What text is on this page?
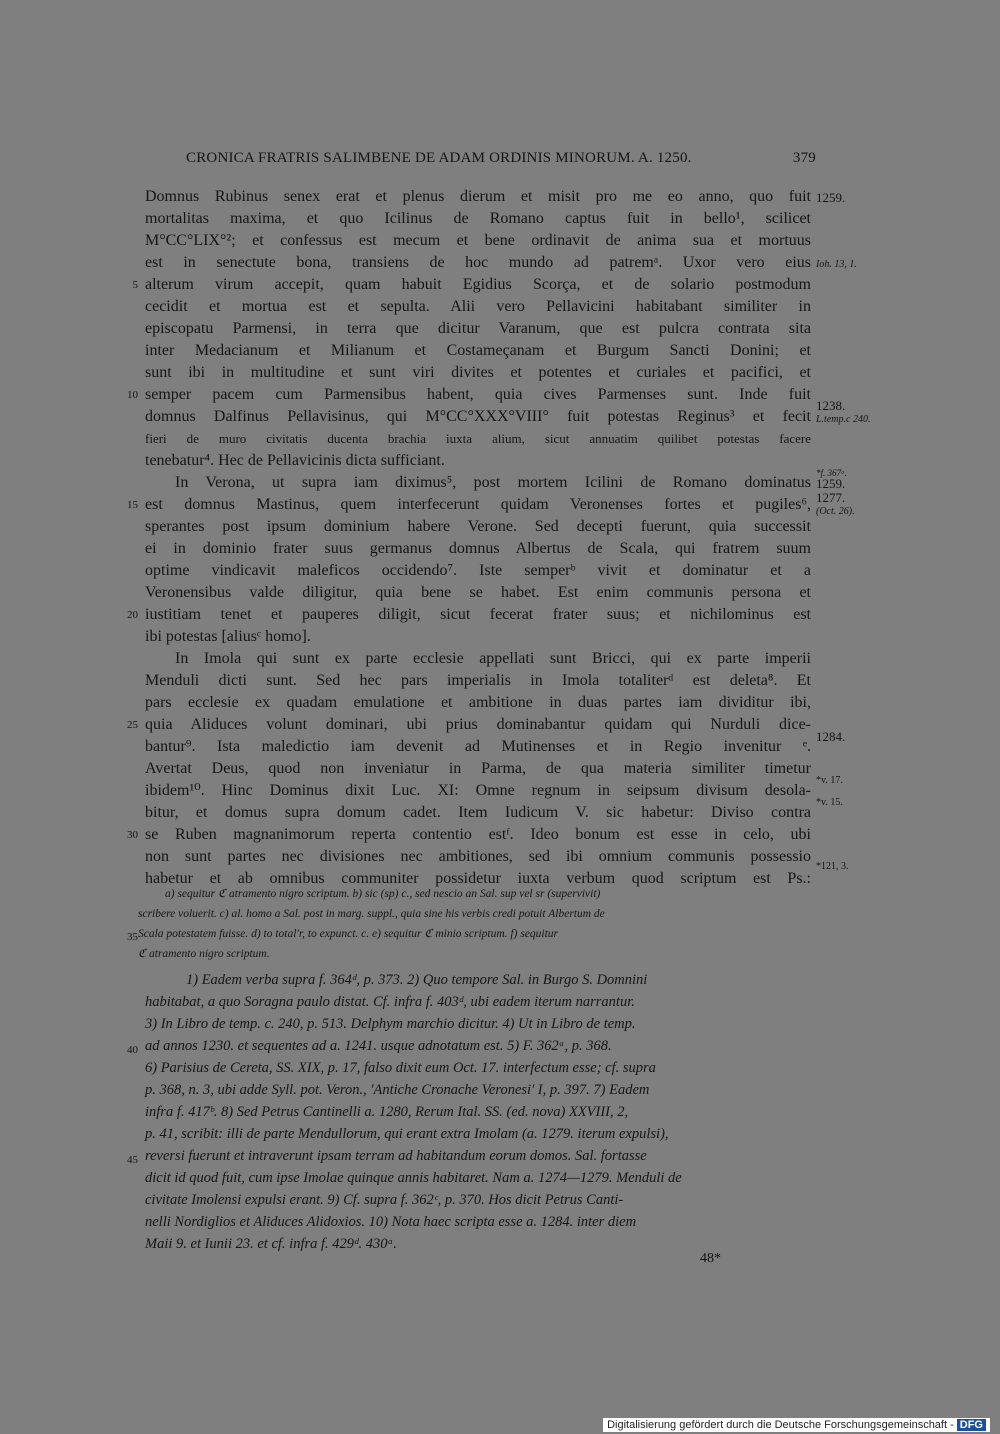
CRONICA FRATRIS SALIMBENE DE ADAM ORDINIS MINORUM. A. 1250.	379
Domnus Rubinus senex erat et plenus dierum et misit pro me eo anno, quo fuit
mortalitas maxima, et quo Icilinus de Romano captus fuit in bello¹, scilicet
M°CC°LIX°²; et confessus est mecum et bene ordinavit de anima sua et mortuus
est in senectute bona, transiens de hoc mundo ad patremᵃ. Uxor vero eius
alterum virum accepit, quam habuit Egidius Scorça, et de solario postmodum
cecidit et mortua est et sepulta. Alii vero Pellavicini habitabant similiter in
episcopatu Parmensi, in terra que dicitur Varanum, que est pulcra contrata sita
inter Medacianum et Milianum et Costameçanam et Burgum Sancti Donini; et
sunt ibi in multitudine et sunt viri divites et potentes et curiales et pacifici, et
semper pacem cum Parmensibus habent, quia cives Parmenses sunt. Inde fuit
domnus Dalfinus Pellavisinus, qui M°CC°XXX°VIII° fuit potestas Reginus³ et fecit
fieri de muro civitatis ducenta brachia iuxta alium, sicut annuatim quilibet potestas facere
tenebatur⁴. Hec de Pellavicinis dicta sufficiant.
In Verona, ut supra iam diximus⁵, post mortem Icilini de Romano dominatus
est domnus Mastinus, quem interfecerunt quidam Veronenses fortes et pugiles⁶,
sperantes post ipsum dominium habere Verone. Sed decepti fuerunt, quia successit
ei in dominio frater suus germanus domnus Albertus de Scala, qui fratrem suum
optime vindicavit maleficos occidendo⁷. Iste semperᵇ vivit et dominatur et a
Veronensibus valde diligitur, quia bene se habet. Est enim communis persona et
iustitiam tenet et pauperes diligit, sicut fecerat frater suus; et nichilominus est
ibi potestas [aliusᶜ homo].
In Imola qui sunt ex parte ecclesie appellati sunt Bricci, qui ex parte imperii
Menduli dicti sunt. Sed hec pars imperialis in Imola totaliterᵈ est deleta⁸. Et
pars ecclesie ex quadam emulatione et ambitione in duas partes iam dividitur ibi,
quia Aliduces volunt dominari, ubi prius dominabantur quidam qui Nurduli dice-
bantur⁹. Ista maledictio iam devenit ad Mutinenses et in Regio invenitur ᵉ.
Avertat Deus, quod non inveniatur in Parma, de qua materia similiter timetur
ibidem¹⁰. Hinc Dominus dixit Luc. XI: Omne regnum in seipsum divisum desola-
bitur, et domus supra domum cadet. Item Iudicum V. sic habetur: Diviso contra
se Ruben magnanimorum reperta contentio estᶠ. Ideo bonum est esse in celo, ubi
non sunt partes nec divisiones nec ambitiones, sed ibi omnium communis possessio
habetur et ab omnibus communiter possidetur iuxta verbum quod scriptum est Ps.:
5
10
15
20
25
30
35
40
45
1259.
Ioh. 13, 1.
1238.
L.temp.c 240.
*f. 367ᵃ.
1259.
1277.
(Oct. 26).
1284.
*v. 17.
*v. 15.
*121, 3.
a) sequitur ℭ atramento nigro scriptum. b) sic (sp) c., sed nescio an Sal. sup vel sr (supervivit)
scribere voluerit. c) al. homo a Sal. post in marg. suppl., quia sine his verbis credi potuit Albertum de
Scala potestatem fuisse. d) to total'r, to expunct. c. e) sequitur ℭ minio scriptum. f) sequitur
ℭ atramento nigro scriptum.
1) Eadem verba supra f. 364ᵈ, p. 373. 2) Quo tempore Sal. in Burgo S. Domnini
habitabat, a quo Soragna paulo distat. Cf. infra f. 403ᵈ, ubi eadem iterum narrantur.
3) In Libro de temp. c. 240, p. 513. Delphym marchio dicitur. 4) Ut in Libro de temp.
ad annos 1230. et sequentes ad a. 1241. usque adnotatum est. 5) F. 362ᵃ, p. 368.
6) Parisius de Cereta, SS. XIX, p. 17, falso dixit eum Oct. 17. interfectum esse; cf. supra
p. 368, n. 3, ubi adde Syll. pot. Veron., 'Antiche Cronache Veronesi' I, p. 397. 7) Eadem
infra f. 417ᵇ. 8) Sed Petrus Cantinelli a. 1280, Rerum Ital. SS. (ed. nova) XXVIII, 2,
p. 41, scribit: illi de parte Mendullorum, qui erant extra Imolam (a. 1279. iterum expulsi),
reversi fuerunt et intraverunt ipsam terram ad habitandum eorum domos. Sal. fortasse
dicit id quod fuit, cum ipse Imolae quinque annis habitaret. Nam a. 1274—1279. Menduli de
civitate Imolensi expulsi erant. 9) Cf. supra f. 362ᶜ, p. 370. Hos dicit Petrus Canti-
nelli Nordiglios et Aliduces Alidoxios. 10) Nota haec scripta esse a. 1284. inter diem
Maii 9. et Iunii 23. et cf. infra f. 429ᵈ. 430ᵃ.
48*
Digitalisierung gefördert durch die Deutsche Forschungsgemeinschaft - DFG
